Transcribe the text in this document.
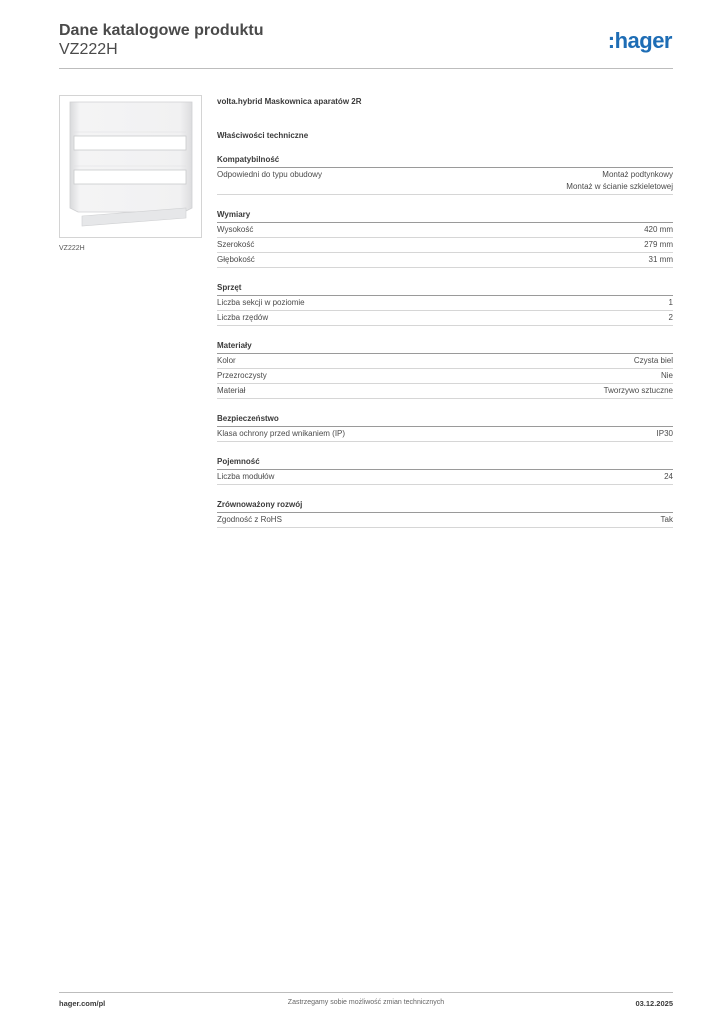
Dane katalogowe produktu
VZ222H	:hager
VZ222H
volta.hybrid Maskownica aparatów 2R
Właściwości techniczne
Kompatybilność
Odpowiedni do typu obudowy	Montaż podtynkowy
Montaż w ścianie szkieletowej
Wymiary
Wysokość	420 mm
Szerokość	279 mm
Głębokość	31 mm
Sprzęt
Liczba sekcji w poziomie	1
Liczba rzędów	2
Materiały
Kolor	Czysta biel
Przezroczysty	Nie
Materiał	Tworzywo sztuczne
Bezpieczeństwo
Klasa ochrony przed wnikaniem (IP)	IP30
Pojemność
Liczba modułów	24
Zrównoważony rozwój
Zgodność z RoHS	Tak
hager.com/pl	Zastrzegamy sobie możliwość zmian technicznych	03.12.2025
